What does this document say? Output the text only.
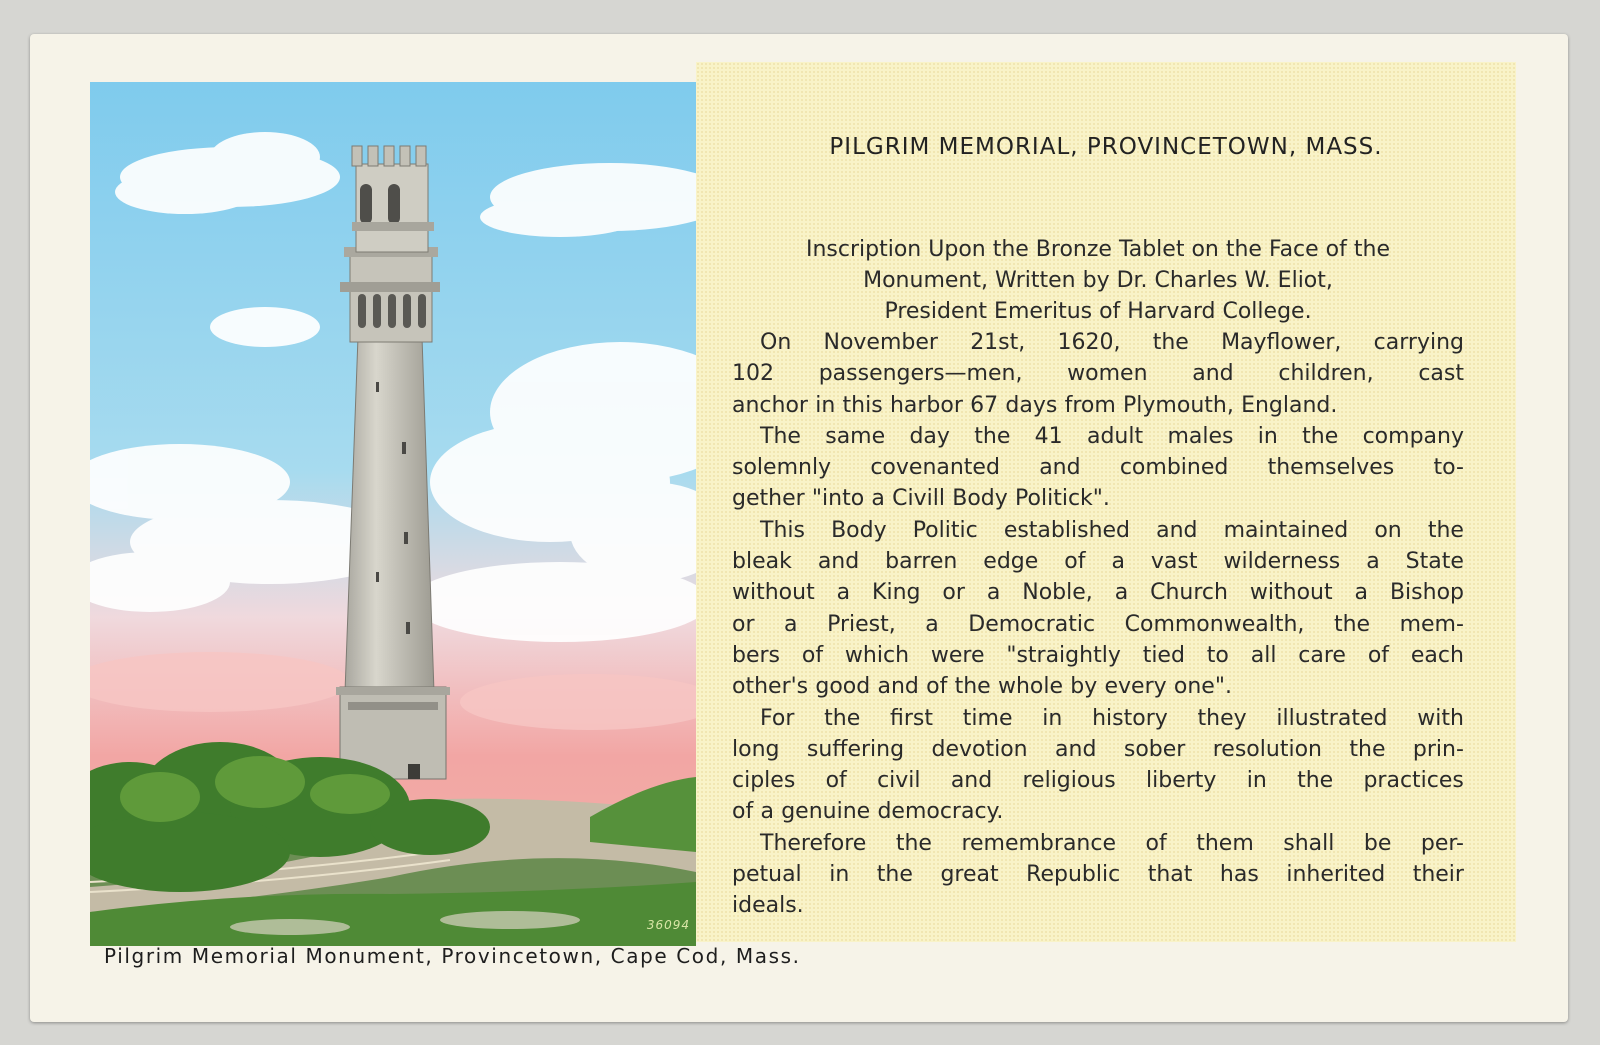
36094
PILGRIM MEMORIAL, PROVINCETOWN, MASS.
Inscription Upon the Bronze Tablet on the Face of the
Monument, Written by Dr. Charles W. Eliot,
President Emeritus of Harvard College.
On November 21st, 1620, the Mayflower, carrying
102 passengers—men, women and children, cast
anchor in this harbor 67 days from Plymouth, England.
The same day the 41 adult males in the company
solemnly covenanted and combined themselves to-
gether "into a Civill Body Politick".
This Body Politic established and maintained on the
bleak and barren edge of a vast wilderness a State
without a King or a Noble, a Church without a Bishop
or a Priest, a Democratic Commonwealth, the mem-
bers of which were "straightly tied to all care of each
other's good and of the whole by every one".
For the first time in history they illustrated with
long suffering devotion and sober resolution the prin-
ciples of civil and religious liberty in the practices
of a genuine democracy.
Therefore the remembrance of them shall be per-
petual in the great Republic that has inherited their
ideals.
Pilgrim Memorial Monument, Provincetown, Cape Cod, Mass.
